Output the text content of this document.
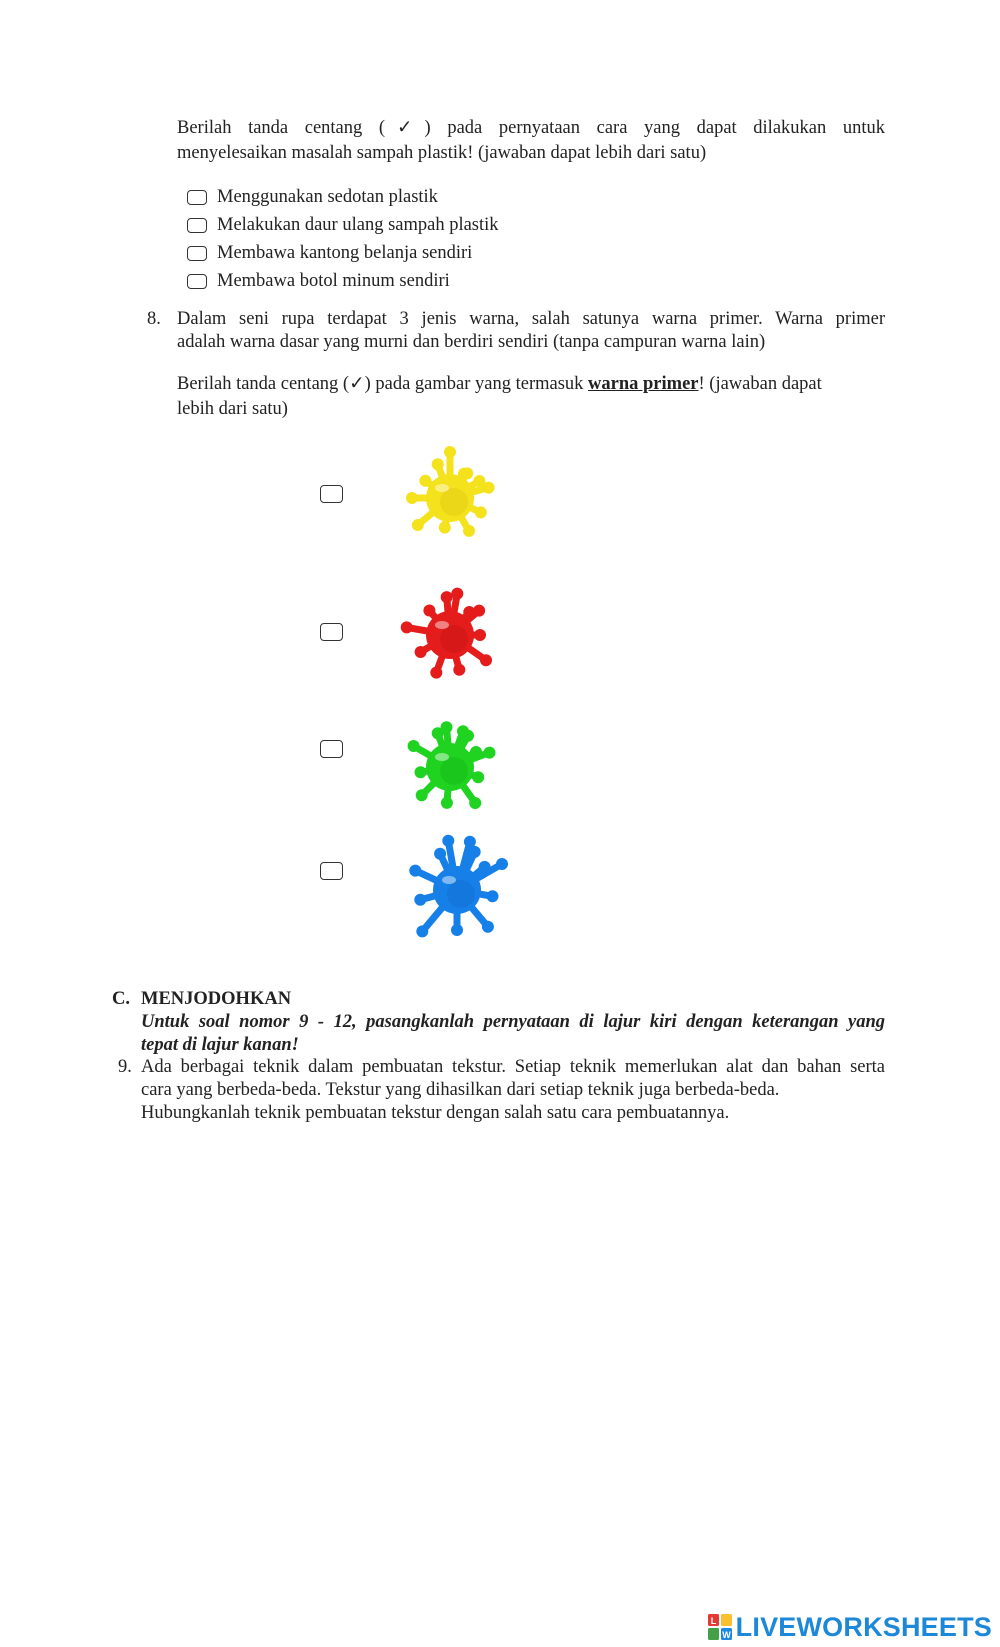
Berilah tanda centang (✓) pada pernyataan cara yang dapat dilakukan untuk
menyelesaikan masalah sampah plastik! (jawaban dapat lebih dari satu)
Menggunakan sedotan plastik
Melakukan daur ulang sampah plastik
Membawa kantong belanja sendiri
Membawa botol minum sendiri
8. Dalam seni rupa terdapat 3 jenis warna, salah satunya warna primer. Warna primer
adalah warna dasar yang murni dan berdiri sendiri (tanpa campuran warna lain)
Berilah tanda centang (✓) pada gambar yang termasuk warna primer! (jawaban dapat
lebih dari satu)
C. MENJODOHKAN
Untuk soal nomor 9 - 12, pasangkanlah pernyataan di lajur kiri dengan keterangan yang
tepat di lajur kanan!
9. Ada berbagai teknik dalam pembuatan tekstur. Setiap teknik memerlukan alat dan bahan serta
cara yang berbeda-beda. Tekstur yang dihasilkan dari setiap teknik juga berbeda-beda.
Hubungkanlah teknik pembuatan tekstur dengan salah satu cara pembuatannya.
L
W LIVEWORKSHEETS
